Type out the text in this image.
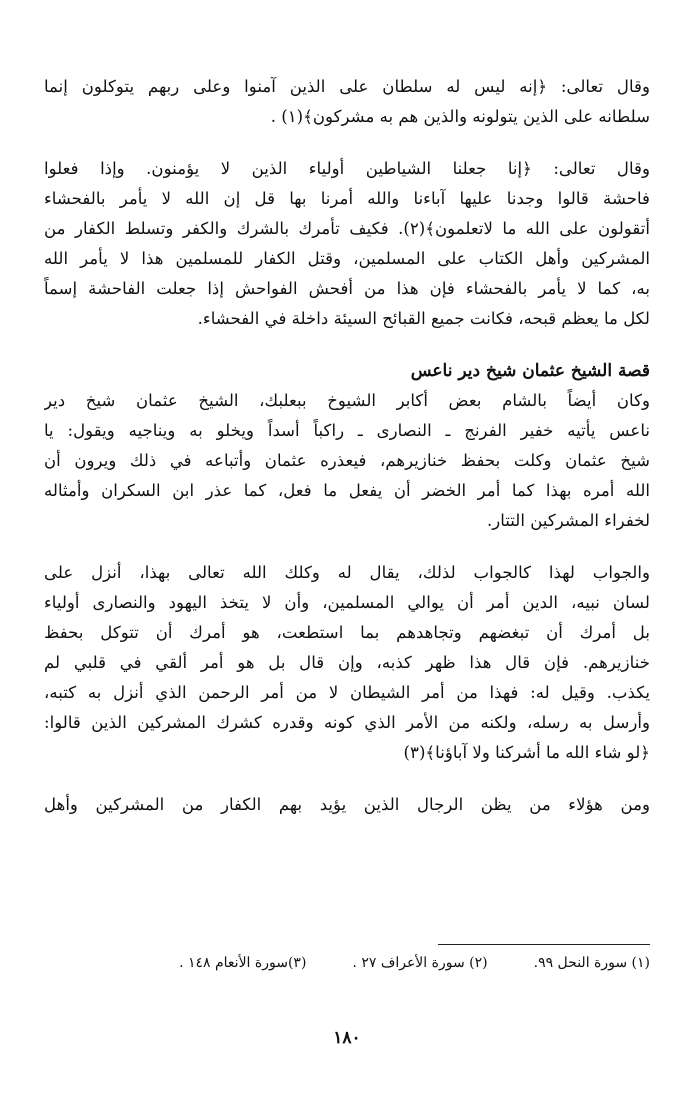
وقال تعالى: ﴿إنه ليس له سلطان على الذين آمنوا وعلى ربهم يتوكلون إنما
سلطانه على الذين يتولونه والذين هم به مشركون﴾(١) .
وقال تعالى: ﴿إنا جعلنا الشياطين أولياء الذين لا يؤمنون. وإذا فعلوا
فاحشة قالوا وجدنا عليها آباءنا والله أمرنا بها قل إن الله لا يأمر بالفحشاء
أتقولون على الله ما لاتعلمون﴾(٢). فكيف تأمرك بالشرك والكفر وتسلط الكفار من
المشركين وأهل الكتاب على المسلمين، وقتل الكفار للمسلمين هذا لا يأمر الله
به، كما لا يأمر بالفحشاء فإن هذا من أفحش الفواحش إذا جعلت الفاحشة إسماً
لكل ما يعظم قبحه، فكانت جميع القبائح السيئة داخلة في الفحشاء.
قصة الشيخ عثمان شيخ دير ناعس
وكان أيضاً بالشام بعض أكابر الشيوخ ببعلبك، الشيخ عثمان شيخ دير
ناعس يأتيه خفير الفرنج ـ النصارى ـ راكباً أسداً ويخلو به ويناجيه ويقول: يا
شيخ عثمان وكلت بحفظ خنازيرهم، فيعذره عثمان وأتباعه في ذلك ويرون أن
الله أمره بهذا كما أمر الخضر أن يفعل ما فعل، كما عذر ابن السكران وأمثاله
لخفراء المشركين التتار.
والجواب لهذا كالجواب لذلك، يقال له وكلك الله تعالى بهذا، أنزل على
لسان نبيه، الدين أمر أن يوالي المسلمين، وأن لا يتخذ اليهود والنصارى أولياء
بل أمرك أن تبغضهم وتجاهدهم بما استطعت، هو أمرك أن تتوكل بحفظ
خنازيرهم. فإن قال هذا ظهر كذبه، وإن قال بل هو أمر ألقي في قلبي لم
يكذب. وقيل له: فهذا من أمر الشيطان لا من أمر الرحمن الذي أنزل به كتبه،
وأرسل به رسله، ولكنه من الأمر الذي كونه وقدره كشرك المشركين الذين قالوا:
﴿لو شاء الله ما أشركنا ولا آباؤنا﴾(٣)
ومن هؤلاء من يظن الرجال الذين يؤيد بهم الكفار من المشركين وأهل
(١) سورة النحل ٩٩.(٢) سورة الأعراف ٢٧ .(٣)سورة الأنعام ١٤٨ .
١٨٠
